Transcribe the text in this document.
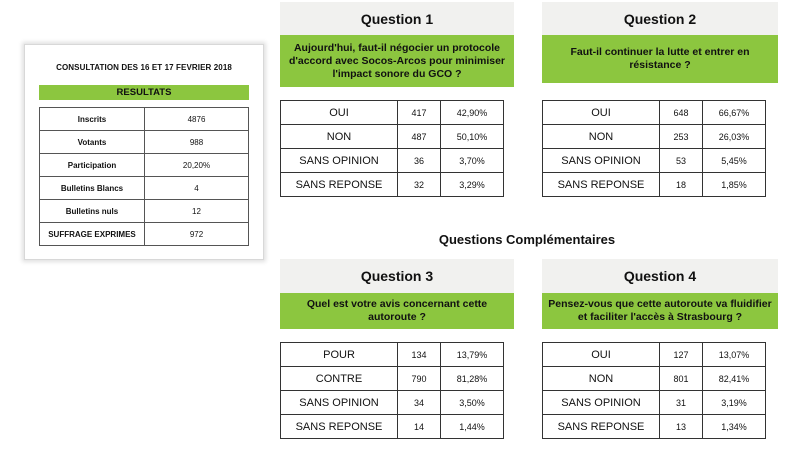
CONSULTATION DES 16 ET 17 FEVRIER 2018
RESULTATS
Inscrits	4876
Votants	988
Participation	20,20%
Bulletins Blancs	4
Bulletins nuls	12
SUFFRAGE EXPRIMES	972
Question 1
Aujourd'hui, faut-il négocier un protocole d'accord avec Socos-Arcos pour minimiser l'impact sonore du GCO ?
OUI	417	42,90%
NON	487	50,10%
SANS OPINION	36	3,70%
SANS REPONSE	32	3,29%
Question 2
Faut-il continuer la lutte et entrer en résistance ?
OUI	648	66,67%
NON	253	26,03%
SANS OPINION	53	5,45%
SANS REPONSE	18	1,85%
Questions Complémentaires
Question 3
Quel est votre avis concernant cette autoroute ?
POUR	134	13,79%
CONTRE	790	81,28%
SANS OPINION	34	3,50%
SANS REPONSE	14	1,44%
Question 4
Pensez-vous que cette autoroute va fluidifier et faciliter l'accès à Strasbourg ?
OUI	127	13,07%
NON	801	82,41%
SANS OPINION	31	3,19%
SANS REPONSE	13	1,34%
